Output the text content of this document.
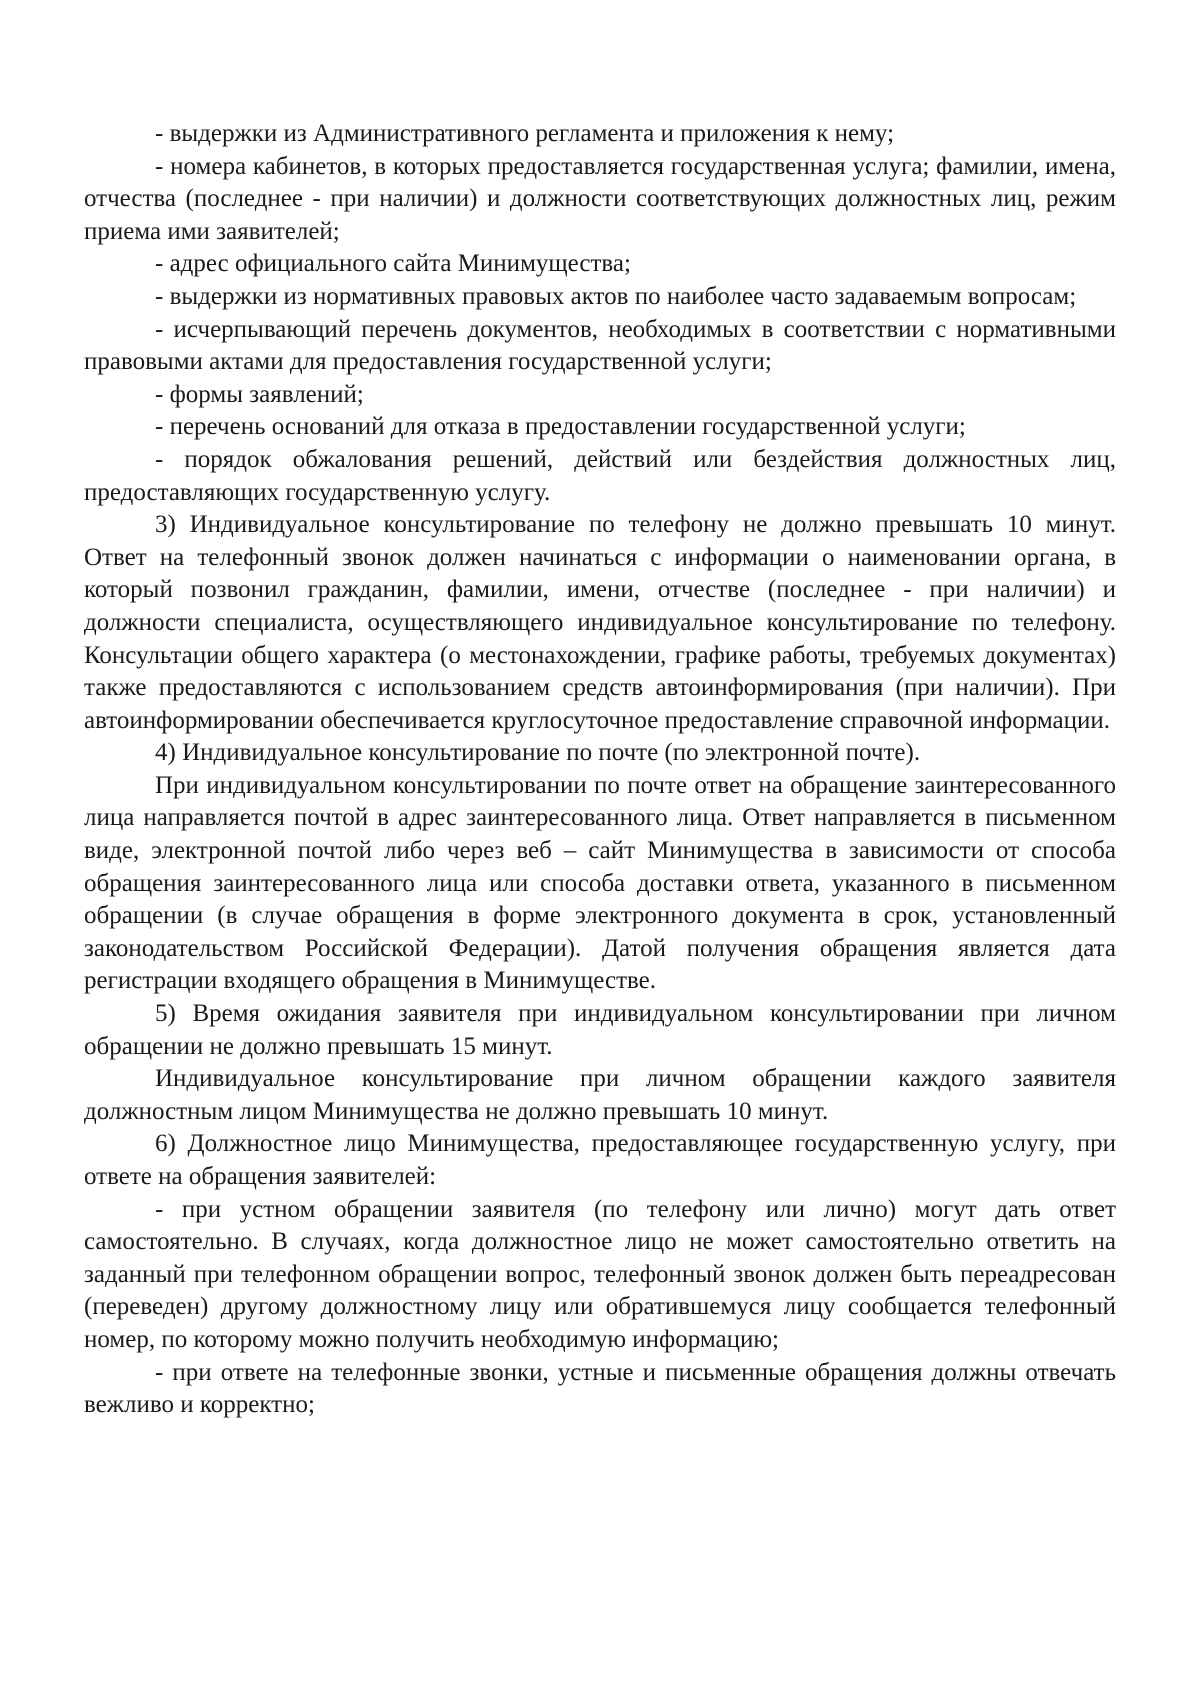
- выдержки из Административного регламента и приложения к нему;

- номера кабинетов, в которых предоставляется государственная услуга; фамилии, имена, отчества (последнее - при наличии) и должности соответствующих должностных лиц, режим приема ими заявителей;

- адрес официального сайта Минимущества;

- выдержки из нормативных правовых актов по наиболее часто задаваемым вопросам;

- исчерпывающий перечень документов, необходимых в соответствии с нормативными правовыми актами для предоставления государственной услуги;

- формы заявлений;

- перечень оснований для отказа в предоставлении государственной услуги;

- порядок обжалования решений, действий или бездействия должностных лиц, предоставляющих государственную услугу.

3) Индивидуальное консультирование по телефону не должно превышать 10 минут. Ответ на телефонный звонок должен начинаться с информации о наименовании органа, в который позвонил гражданин, фамилии, имени, отчестве (последнее - при наличии) и должности специалиста, осуществляющего индивидуальное консультирование по телефону. Консультации общего характера (о местонахождении, графике работы, требуемых документах) также предоставляются с использованием средств автоинформирования (при наличии). При автоинформировании обеспечивается круглосуточное предоставление справочной информации.

4) Индивидуальное консультирование по почте (по электронной почте).

При индивидуальном консультировании по почте ответ на обращение заинтересованного лица направляется почтой в адрес заинтересованного лица. Ответ направляется в письменном виде, электронной почтой либо через веб – сайт Минимущества в зависимости от способа обращения заинтересованного лица или способа доставки ответа, указанного в письменном обращении (в случае обращения в форме электронного документа в срок, установленный законодательством Российской Федерации). Датой получения обращения является дата регистрации входящего обращения в Минимуществе.

5) Время ожидания заявителя при индивидуальном консультировании при личном обращении не должно превышать 15 минут.

Индивидуальное консультирование при личном обращении каждого заявителя должностным лицом Минимущества не должно превышать 10 минут.

6) Должностное лицо Минимущества, предоставляющее государственную услугу, при ответе на обращения заявителей:

- при устном обращении заявителя (по телефону или лично) могут дать ответ самостоятельно. В случаях, когда должностное лицо не может самостоятельно ответить на заданный при телефонном обращении вопрос, телефонный звонок должен быть переадресован (переведен) другому должностному лицу или обратившемуся лицу сообщается телефонный номер, по которому можно получить необходимую информацию;

- при ответе на телефонные звонки, устные и письменные обращения должны отвечать вежливо и корректно;
